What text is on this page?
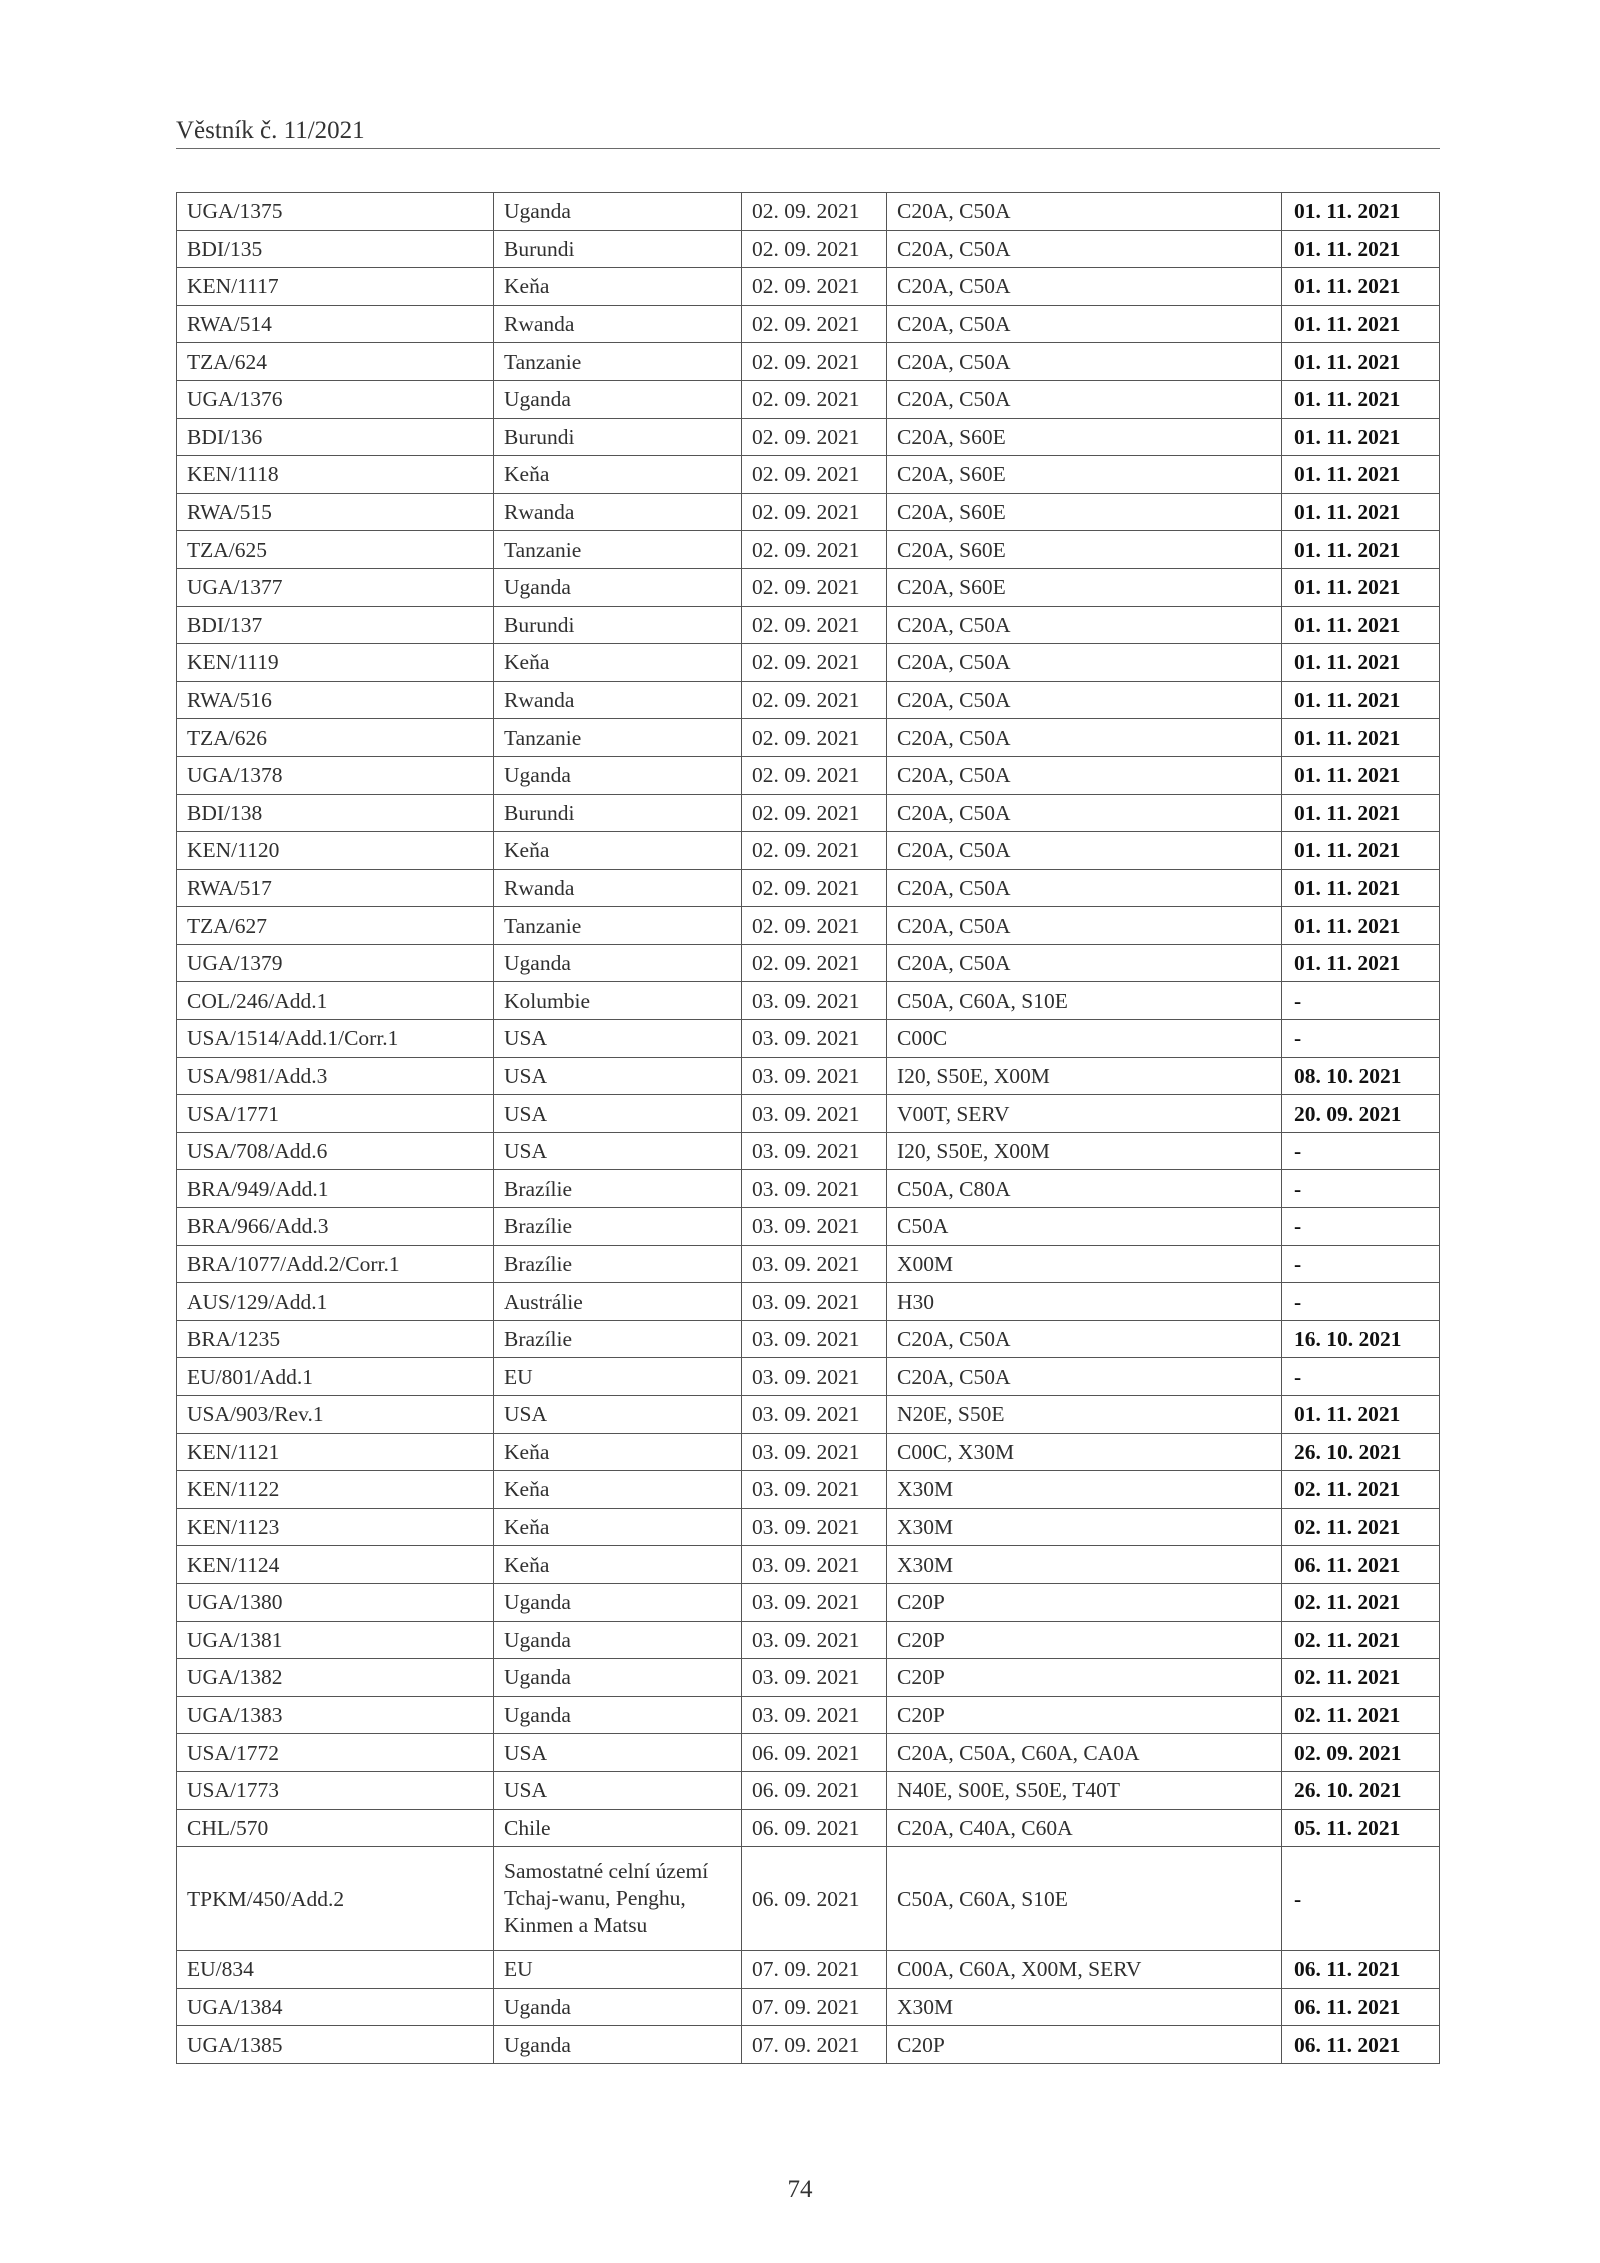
Věstník č. 11/2021
UGA/1375	Uganda	02. 09. 2021	C20A, C50A	01. 11. 2021
BDI/135	Burundi	02. 09. 2021	C20A, C50A	01. 11. 2021
KEN/1117	Keňa	02. 09. 2021	C20A, C50A	01. 11. 2021
RWA/514	Rwanda	02. 09. 2021	C20A, C50A	01. 11. 2021
TZA/624	Tanzanie	02. 09. 2021	C20A, C50A	01. 11. 2021
UGA/1376	Uganda	02. 09. 2021	C20A, C50A	01. 11. 2021
BDI/136	Burundi	02. 09. 2021	C20A, S60E	01. 11. 2021
KEN/1118	Keňa	02. 09. 2021	C20A, S60E	01. 11. 2021
RWA/515	Rwanda	02. 09. 2021	C20A, S60E	01. 11. 2021
TZA/625	Tanzanie	02. 09. 2021	C20A, S60E	01. 11. 2021
UGA/1377	Uganda	02. 09. 2021	C20A, S60E	01. 11. 2021
BDI/137	Burundi	02. 09. 2021	C20A, C50A	01. 11. 2021
KEN/1119	Keňa	02. 09. 2021	C20A, C50A	01. 11. 2021
RWA/516	Rwanda	02. 09. 2021	C20A, C50A	01. 11. 2021
TZA/626	Tanzanie	02. 09. 2021	C20A, C50A	01. 11. 2021
UGA/1378	Uganda	02. 09. 2021	C20A, C50A	01. 11. 2021
BDI/138	Burundi	02. 09. 2021	C20A, C50A	01. 11. 2021
KEN/1120	Keňa	02. 09. 2021	C20A, C50A	01. 11. 2021
RWA/517	Rwanda	02. 09. 2021	C20A, C50A	01. 11. 2021
TZA/627	Tanzanie	02. 09. 2021	C20A, C50A	01. 11. 2021
UGA/1379	Uganda	02. 09. 2021	C20A, C50A	01. 11. 2021
COL/246/Add.1	Kolumbie	03. 09. 2021	C50A, C60A, S10E	-
USA/1514/Add.1/Corr.1	USA	03. 09. 2021	C00C	-
USA/981/Add.3	USA	03. 09. 2021	I20, S50E, X00M	08. 10. 2021
USA/1771	USA	03. 09. 2021	V00T, SERV	20. 09. 2021
USA/708/Add.6	USA	03. 09. 2021	I20, S50E, X00M	-
BRA/949/Add.1	Brazílie	03. 09. 2021	C50A, C80A	-
BRA/966/Add.3	Brazílie	03. 09. 2021	C50A	-
BRA/1077/Add.2/Corr.1	Brazílie	03. 09. 2021	X00M	-
AUS/129/Add.1	Austrálie	03. 09. 2021	H30	-
BRA/1235	Brazílie	03. 09. 2021	C20A, C50A	16. 10. 2021
EU/801/Add.1	EU	03. 09. 2021	C20A, C50A	-
USA/903/Rev.1	USA	03. 09. 2021	N20E, S50E	01. 11. 2021
KEN/1121	Keňa	03. 09. 2021	C00C, X30M	26. 10. 2021
KEN/1122	Keňa	03. 09. 2021	X30M	02. 11. 2021
KEN/1123	Keňa	03. 09. 2021	X30M	02. 11. 2021
KEN/1124	Keňa	03. 09. 2021	X30M	06. 11. 2021
UGA/1380	Uganda	03. 09. 2021	C20P	02. 11. 2021
UGA/1381	Uganda	03. 09. 2021	C20P	02. 11. 2021
UGA/1382	Uganda	03. 09. 2021	C20P	02. 11. 2021
UGA/1383	Uganda	03. 09. 2021	C20P	02. 11. 2021
USA/1772	USA	06. 09. 2021	C20A, C50A, C60A, CA0A	02. 09. 2021
USA/1773	USA	06. 09. 2021	N40E, S00E, S50E, T40T	26. 10. 2021
CHL/570	Chile	06. 09. 2021	C20A, C40A, C60A	05. 11. 2021
TPKM/450/Add.2	Samostatné celní území Tchaj-wanu, Penghu, Kinmen a Matsu	06. 09. 2021	C50A, C60A, S10E	-
EU/834	EU	07. 09. 2021	C00A, C60A, X00M, SERV	06. 11. 2021
UGA/1384	Uganda	07. 09. 2021	X30M	06. 11. 2021
UGA/1385	Uganda	07. 09. 2021	C20P	06. 11. 2021
74
